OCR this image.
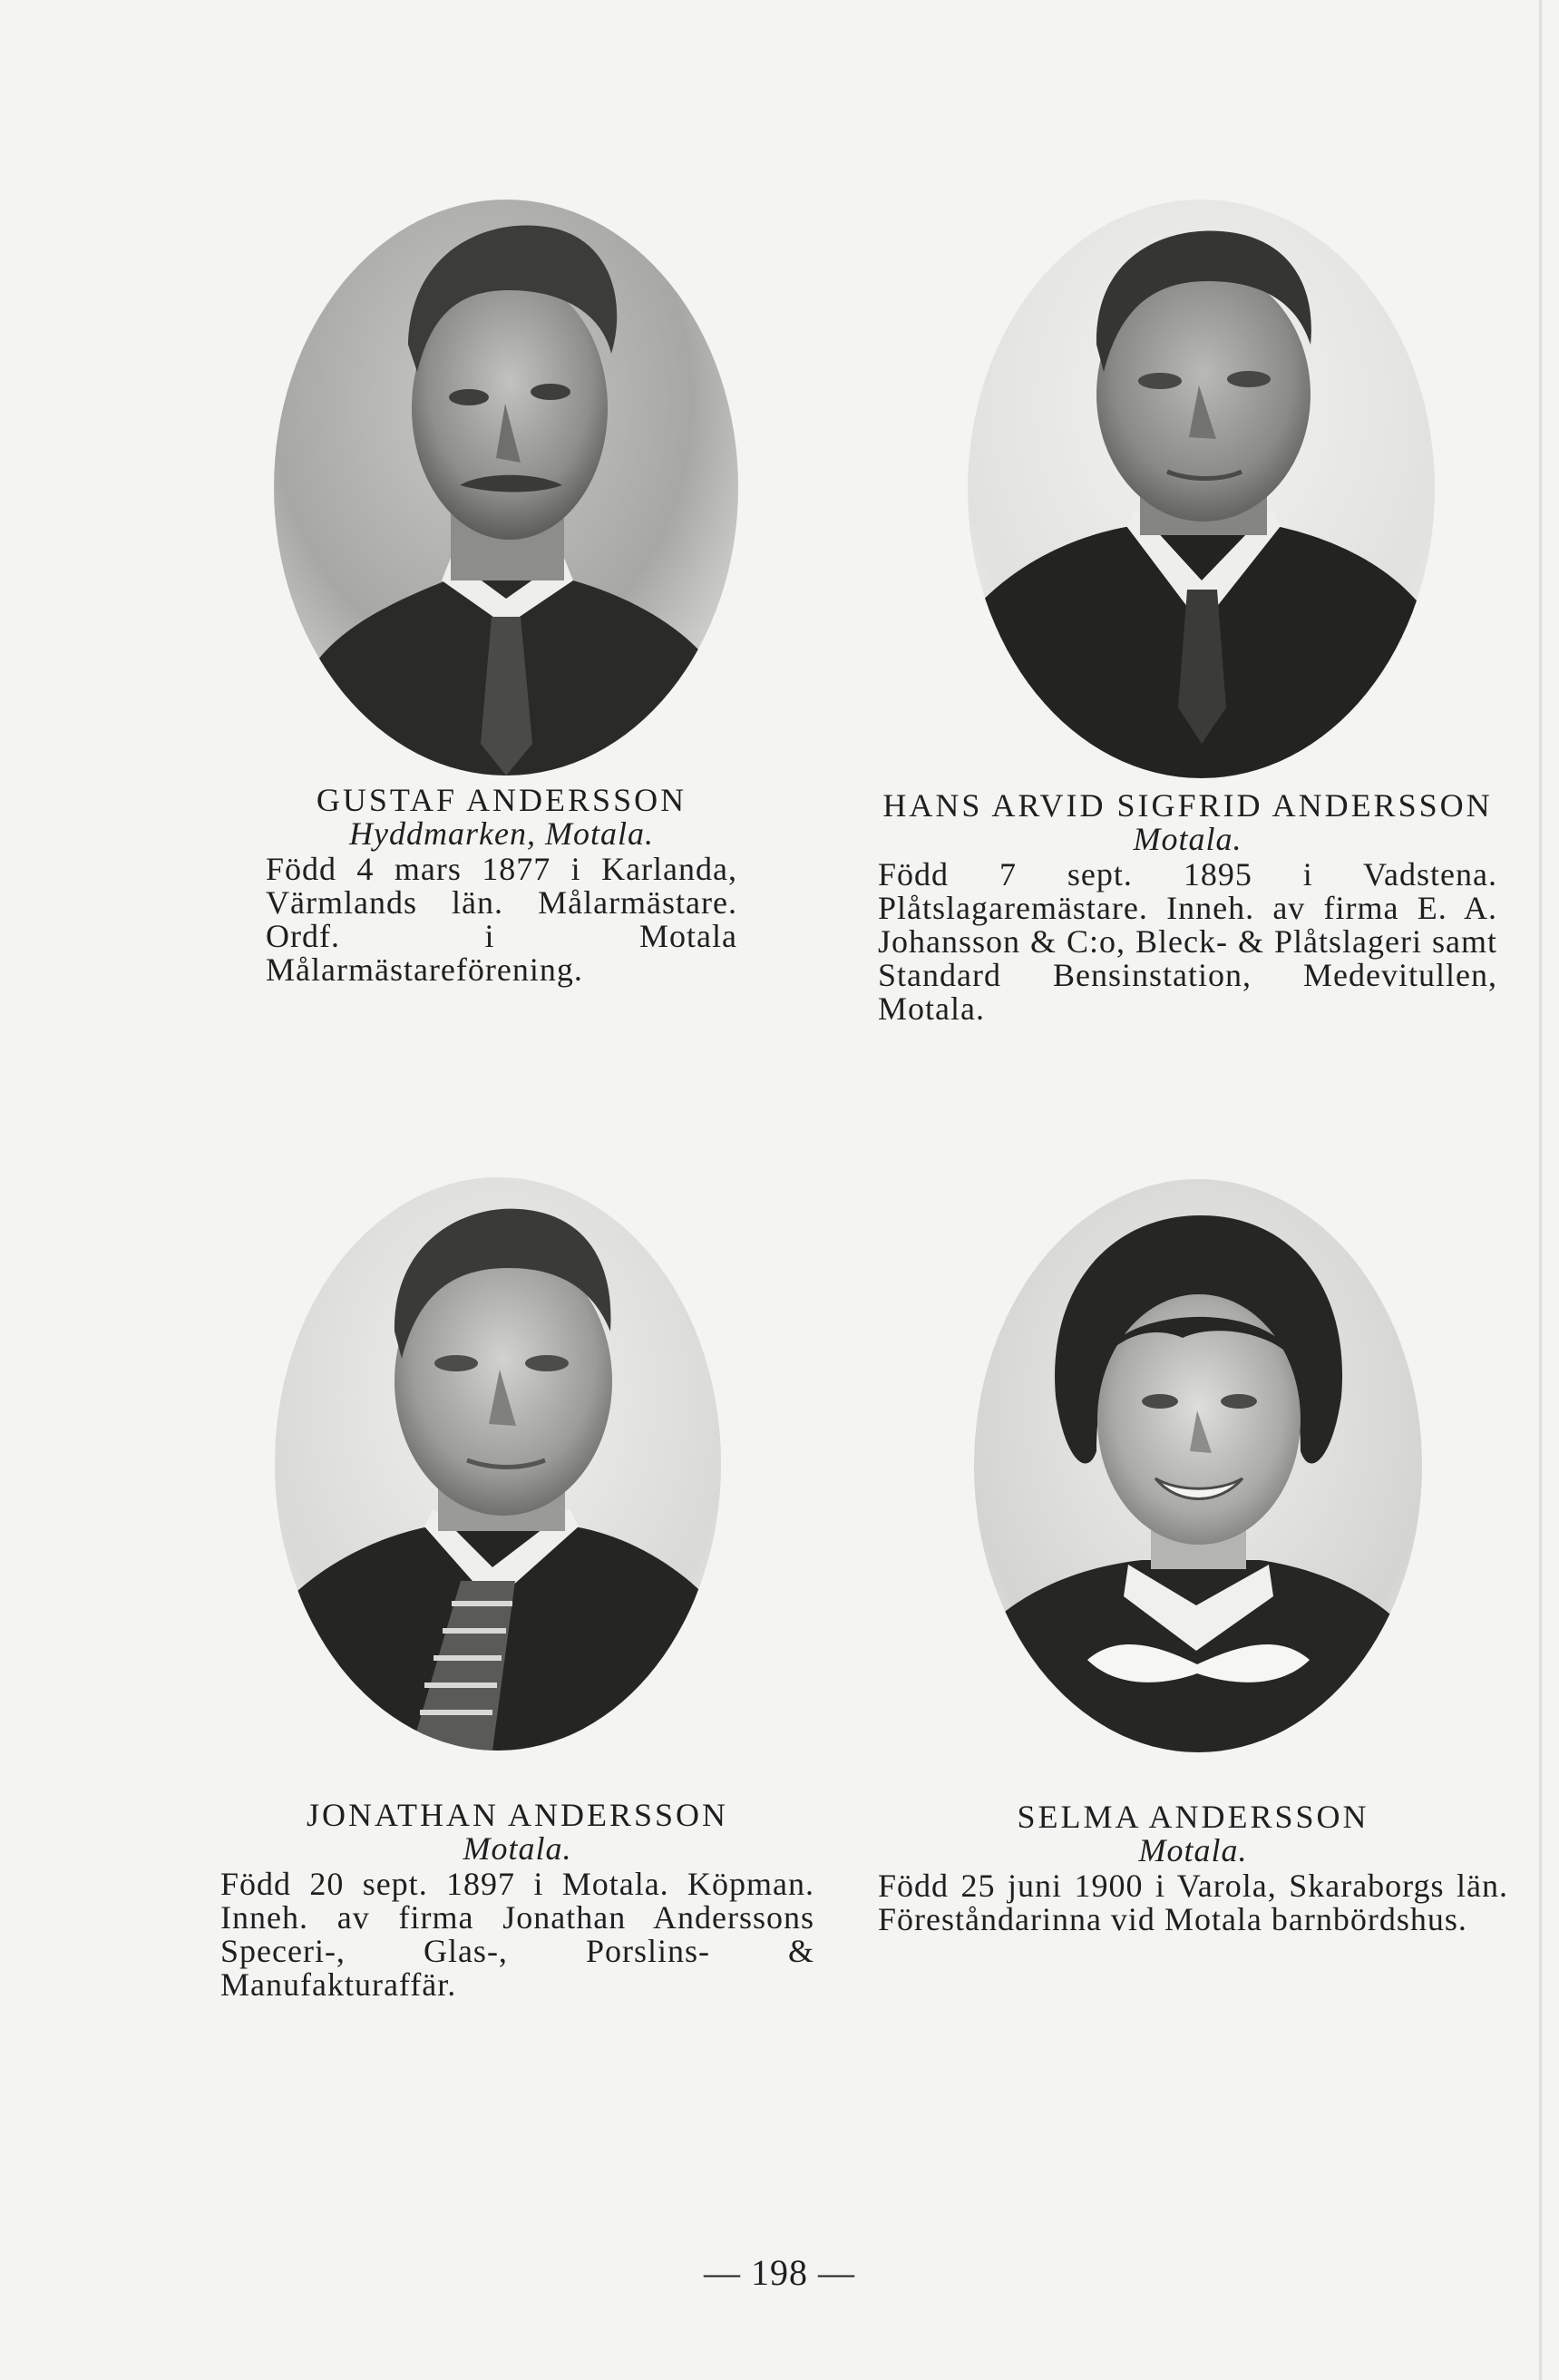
GUSTAF ANDERSSON
Hyddmarken, Motala.
Född 4 mars 1877 i Karlanda, Värmlands län. Målarmästare. Ordf. i Motala Målarmästareförening.
HANS ARVID SIGFRID ANDERSSON
Motala.
Född 7 sept. 1895 i Vadstena. Plåtslagaremästare. Inneh. av firma E. A. Johansson & C:o, Bleck- & Plåtslageri samt Standard Bensinstation, Medevitullen, Motala.
JONATHAN ANDERSSON
Motala.
Född 20 sept. 1897 i Motala. Köpman. Inneh. av firma Jonathan Anderssons Speceri-, Glas-, Porslins- & Manufakturaffär.
SELMA ANDERSSON
Motala.
Född 25 juni 1900 i Varola, Skaraborgs län. Föreståndarinna vid Motala barnbördshus.
— 198 —
